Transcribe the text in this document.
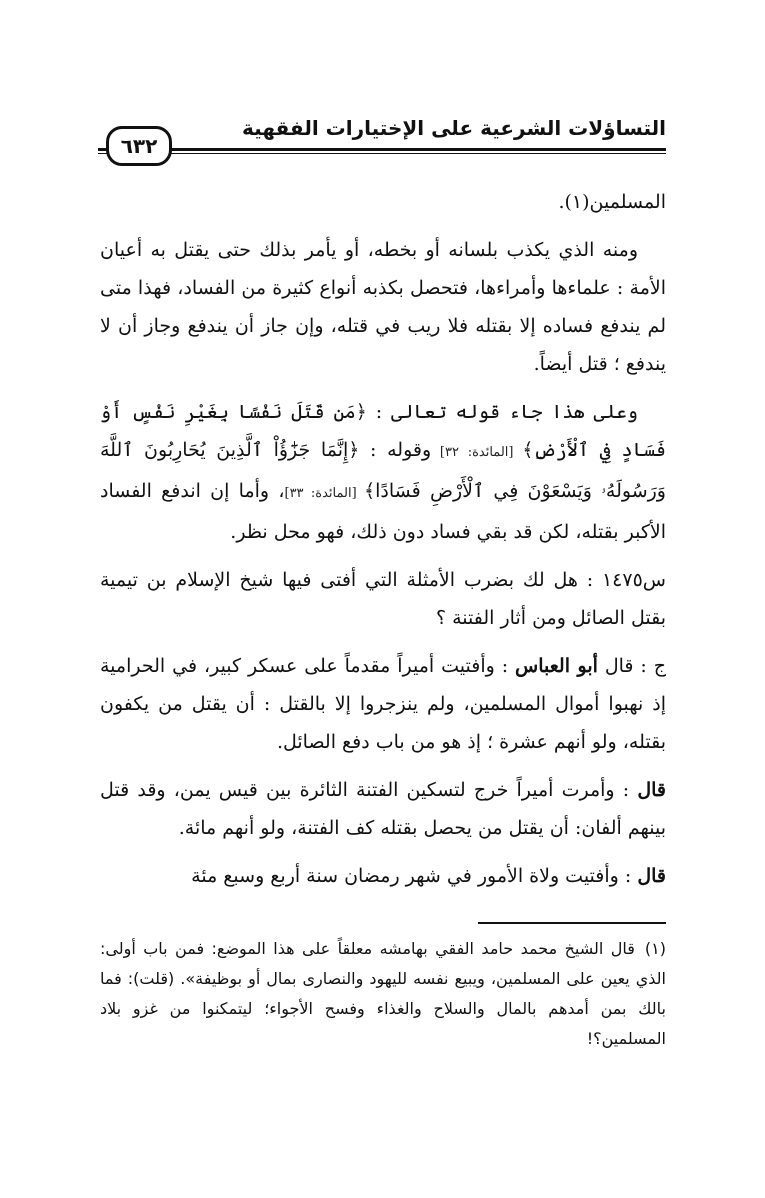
التساؤلات الشرعية على الإختيارات الفقهية
٦٣٢

المسلمين(١).

ومنه الذي يكذب بلسانه أو بخطه، أو يأمر بذلك حتى يقتل به أعيان الأمة : علماءها وأمراءها، فتحصل بكذبه أنواع كثيرة من الفساد، فهذا متى لم يندفع فساده إلا بقتله فلا ريب في قتله، وإن جاز أن يندفع وجاز أن لا يندفع ؛ قتل أيضاً.

وعلى هذا جاء قوله تعالى : ﴿مَن قَتَلَ نَفْسًا بِغَيْرِ نَفْسٍ أَوْ فَسَادٍ فِي ٱلْأَرْضِ﴾ [المائدة: ٣٢] وقوله : ﴿إِنَّمَا جَزَٰٓؤُاْ ٱلَّذِينَ يُحَارِبُونَ ٱللَّهَ وَرَسُولَهُۥ وَيَسْعَوْنَ فِي ٱلْأَرْضِ فَسَادًا﴾ [المائدة: ٣٣]، وأما إن اندفع الفساد الأكبر بقتله، لكن قد بقي فساد دون ذلك، فهو محل نظر.

س١٤٧٥ : هل لك بضرب الأمثلة التي أفتى فيها شيخ الإسلام بن تيمية بقتل الصائل ومن أثار الفتنة ؟

ج : قال أبو العباس : وأفتيت أميراً مقدماً على عسكر كبير، في الحرامية إذ نهبوا أموال المسلمين، ولم ينزجروا إلا بالقتل : أن يقتل من يكفون بقتله، ولو أنهم عشرة ؛ إذ هو من باب دفع الصائل.

قال : وأمرت أميراً خرج لتسكين الفتنة الثائرة بين قيس يمن، وقد قتل بينهم ألفان: أن يقتل من يحصل بقتله كف الفتنة، ولو أنهم مائة.

قال : وأفتيت ولاة الأمور في شهر رمضان سنة أربع وسبع مئة

(١)قال الشيخ محمد حامد الفقي بهامشه معلقاً على هذا الموضع: فمن باب أولى: الذي يعين على المسلمين، ويبيع نفسه لليهود والنصارى بمال أو بوظيفة». (قلت): فما بالك بمن أمدهم بالمال والسلاح والغذاء وفسح الأجواء؛ ليتمكنوا من غزو بلاد المسلمين؟!
